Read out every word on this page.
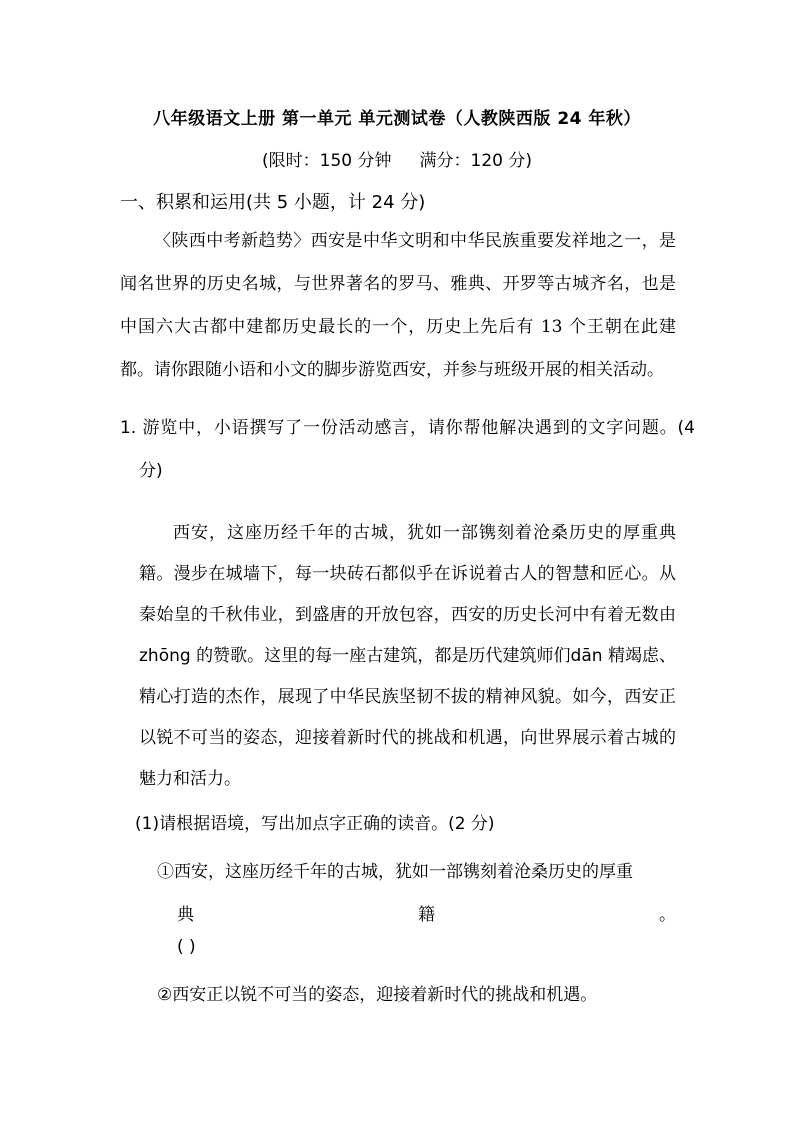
八年级语文上册 第一单元 单元测试卷（人教陕西版 24 年秋）
(限时：150 分钟 满分：120 分)
一、积累和运用(共 5 小题，计 24 分)
〈陕西中考新趋势〉西安是中华文明和中华民族重要发祥地之一，是闻名世界的历史名城，与世界著名的罗马、雅典、开罗等古城齐名，也是中国六大古都中建都历史最长的一个，历史上先后有 13 个王朝在此建都。请你跟随小语和小文的脚步游览西安，并参与班级开展的相关活动。
1. 游览中，小语撰写了一份活动感言，请你帮他解决遇到的文字问题。(4 分)
西安，这座历经千年的古城，犹如一部镌刻着沧桑历史的厚重典籍。漫步在城墙下，每一块砖石都似乎在诉说着古人的智慧和匠心。从秦始皇的千秋伟业，到盛唐的开放包容，西安的历史长河中有着无数由zhōng 的赞歌。这里的每一座古建筑，都是历代建筑师们dān 精竭虑、精心打造的杰作，展现了中华民族坚韧不拔的精神风貌。如今，西安正以锐不可当的姿态，迎接着新时代的挑战和机遇，向世界展示着古城的魅力和活力。
(1)请根据语境，写出加点字正确的读音。(2 分)
①西安，这座历经千年的古城，犹如一部镌刻着沧桑历史的厚重
典	籍	。
( )
②西安正以锐不可当的姿态，迎接着新时代的挑战和机遇。
